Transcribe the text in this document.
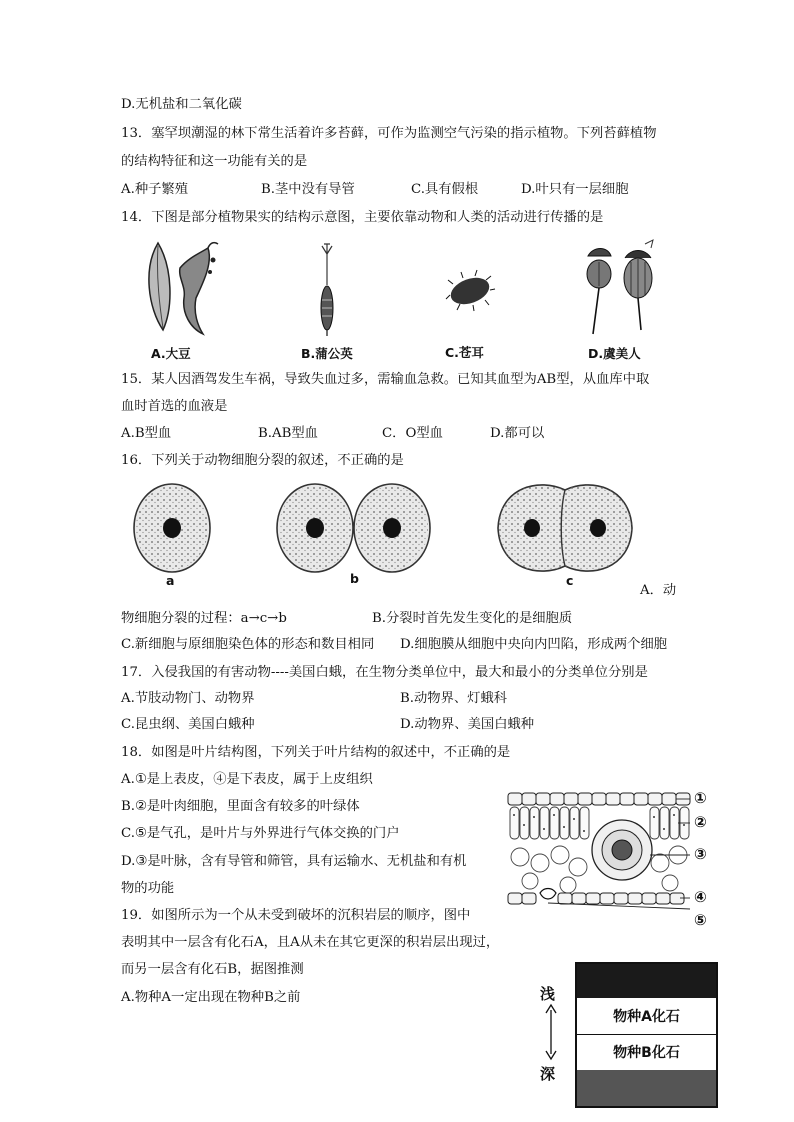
D.无机盐和二氧化碳
13．塞罕坝潮湿的林下常生活着许多苔藓，可作为监测空气污染的指示植物。下列苔藓植物
的结构特征和这一功能有关的是
A.种子繁殖	B.茎中没有导管	C.具有假根	D.叶只有一层细胞
14．下图是部分植物果实的结构示意图，主要依靠动物和人类的活动进行传播的是
A.大豆	B.蒲公英	C.苍耳	D.虞美人
15．某人因酒驾发生车祸，导致失血过多，需输血急救。已知其血型为AB型，从血库中取
血时首选的血液是
A.B型血	B.AB型血	C．O型血	D.都可以
16．下列关于动物细胞分裂的叙述，不正确的是
a	b	c
A．动
物细胞分裂的过程：a→c→b	B.分裂时首先发生变化的是细胞质
C.新细胞与原细胞染色体的形态和数目相同 D.细胞膜从细胞中央向内凹陷，形成两个细胞
17．入侵我国的有害动物----美国白蛾，在生物分类单位中，最大和最小的分类单位分别是
A.节肢动物门、动物界	B.动物界、灯蛾科
C.昆虫纲、美国白蛾种	D.动物界、美国白蛾种
18．如图是叶片结构图，下列关于叶片结构的叙述中，不正确的是
A.①是上表皮，④是下表皮，属于上皮组织
B.②是叶肉细胞，里面含有较多的叶绿体
C.⑤是气孔，是叶片与外界进行气体交换的门户
D.③是叶脉，含有导管和筛管，具有运输水、无机盐和有机
物的功能
①
②
③
④
⑤
19．如图所示为一个从未受到破坏的沉积岩层的顺序，图中
表明其中一层含有化石A，且A从未在其它更深的积岩层出现过，
而另一层含有化石B，据图推测
A.物种A一定出现在物种B之前
物种A化石
物种B化石
浅
深
